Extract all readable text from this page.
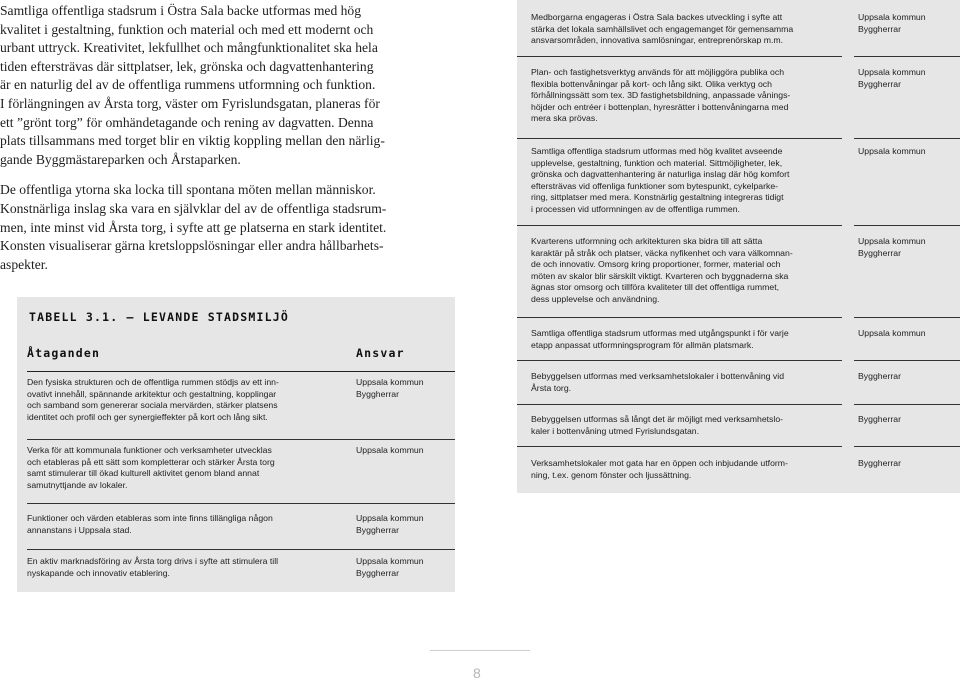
Samtliga offentliga stadsrum i Östra Sala backe utformas med hög
kvalitet i gestaltning, funktion och material och med ett modernt och
urbant uttryck. Kreativitet, lekfullhet och mångfunktionalitet ska hela
tiden eftersträvas där sittplatser, lek, grönska och dagvattenhantering
är en naturlig del av de offentliga rummens utformning och funktion.
I förlängningen av Årsta torg, väster om Fyrislundsgatan, planeras för
ett ”grönt torg” för omhändetagande och rening av dagvatten. Denna
plats tillsammans med torget blir en viktig koppling mellan den närlig-
gande Byggmästareparken och Årstaparken.

De offentliga ytorna ska locka till spontana möten mellan människor.
Konstnärliga inslag ska vara en självklar del av de offentliga stadsrum-
men, inte minst vid Årsta torg, i syfte att ge platserna en stark identitet.
Konsten visualiserar gärna kretsloppslösningar eller andra hållbarhets-
aspekter.

TABELL 3.1. — LEVANDE STADSMILJÖ
Åtaganden	Ansvar
Den fysiska strukturen och de offentliga rummen stödjs av ett inn-
ovativt innehåll, spännande arkitektur och gestaltning, kopplingar
och samband som genererar sociala mervärden, stärker platsens
identitet och profil och ger synergieffekter på kort och lång sikt.
Uppsala kommun
Byggherrar
Verka för att kommunala funktioner och verksamheter utvecklas
och etableras på ett sätt som kompletterar och stärker Årsta torg
samt stimulerar till ökad kulturell aktivitet genom bland annat
samutnyttjande av lokaler.
Uppsala kommun
Funktioner och värden etableras som inte finns tillängliga någon
annanstans i Uppsala stad.
Uppsala kommun
Byggherrar
En aktiv marknadsföring av Årsta torg drivs i syfte att stimulera till
nyskapande och innovativ etablering.
Uppsala kommun
Byggherrar
Medborgarna engageras i Östra Sala backes utveckling i syfte att
stärka det lokala samhällslivet och engagemanget för gemensamma
ansvarsområden, innovativa samlösningar, entreprenörskap m.m.
Uppsala kommun
Byggherrar
Plan- och fastighetsverktyg används för att möjliggöra publika och
flexibla bottenvåningar på kort- och lång sikt. Olika verktyg och
förhållningssätt som tex. 3D fastighetsbildning, anpassade vånings-
höjder och entréer i bottenplan, hyresrätter i bottenvåningarna med
mera ska prövas.
Uppsala kommun
Byggherrar
Samtliga offentliga stadsrum utformas med hög kvalitet avseende
upplevelse, gestaltning, funktion och material. Sittmöjligheter, lek,
grönska och dagvattenhantering är naturliga inslag där hög komfort
eftersträvas vid offenliga funktioner som bytespunkt, cykelparke-
ring, sittplatser med mera. Konstnärlig gestaltning integreras tidigt
i processen vid utformningen av de offentliga rummen.
Uppsala kommun
Kvarterens utformning och arkitekturen ska bidra till att sätta
karaktär på stråk och platser, väcka nyfikenhet och vara välkomnan-
de och innovativ. Omsorg kring proportioner, former, material och
möten av skalor blir särskilt viktigt. Kvarteren och byggnaderna ska
ägnas stor omsorg och tillföra kvaliteter till det offentliga rummet,
dess upplevelse och användning.
Uppsala kommun
Byggherrar
Samtliga offentliga stadsrum utformas med utgångspunkt i för varje
etapp anpassat utformningsprogram för allmän platsmark.
Uppsala kommun
Bebyggelsen utformas med verksamhetslokaler i bottenvåning vid
Årsta torg.
Byggherrar
Bebyggelsen utformas så långt det är möjligt med verksamhetslo-
kaler i bottenvåning utmed Fyrislundsgatan.
Byggherrar
Verksamhetslokaler mot gata har en öppen och inbjudande utform-
ning, t.ex. genom fönster och ljussättning.
Byggherrar
8
